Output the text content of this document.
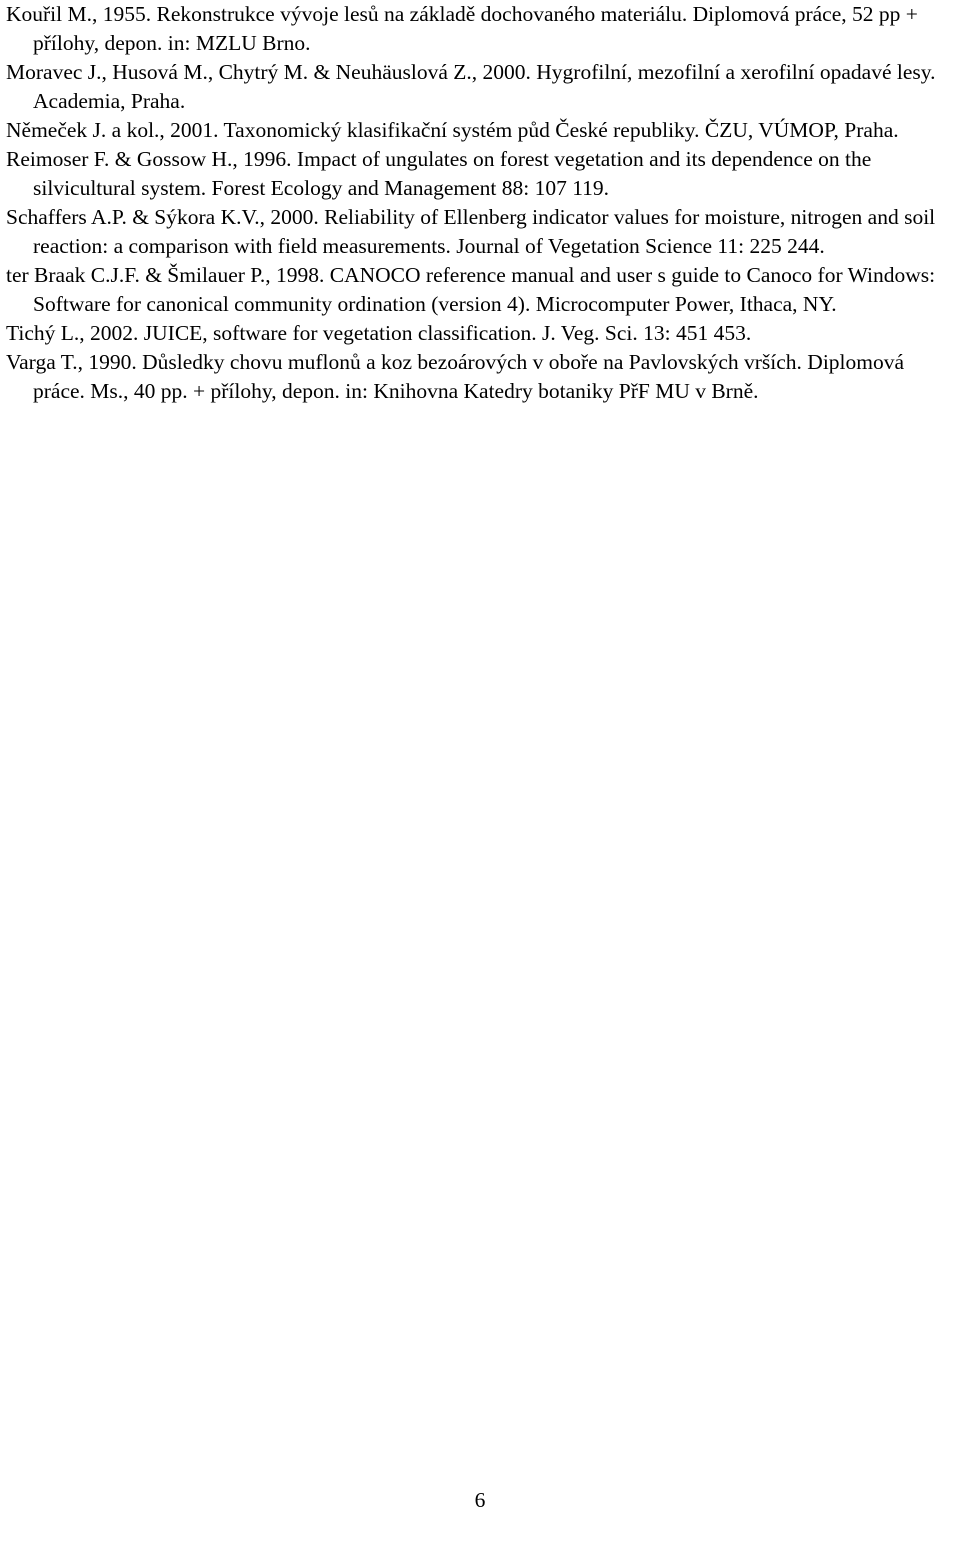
Kouřil M., 1955. Rekonstrukce vývoje lesů na základě dochovaného materiálu. Diplomová práce, 52 pp + přílohy, depon. in: MZLU Brno.

Moravec J., Husová M., Chytrý M. & Neuhäuslová Z., 2000. Hygrofilní, mezofilní a xerofilní opadavé lesy. Academia, Praha.

Němeček J. a kol., 2001. Taxonomický klasifikační systém půd České republiky. ČZU, VÚMOP, Praha.

Reimoser F. & Gossow H., 1996. Impact of ungulates on forest vegetation and its dependence on the silvicultural system. Forest Ecology and Management 88: 107 119.

Schaffers A.P. & Sýkora K.V., 2000. Reliability of Ellenberg indicator values for moisture, nitrogen and soil reaction: a comparison with field measurements. Journal of Vegetation Science 11: 225 244.

ter Braak C.J.F. & Šmilauer P., 1998. CANOCO reference manual and user s guide to Canoco for Windows: Software for canonical community ordination (version 4). Microcomputer Power, Ithaca, NY.

Tichý L., 2002. JUICE, software for vegetation classification. J. Veg. Sci. 13: 451 453.

Varga T., 1990. Důsledky chovu muflonů a koz bezoárových v oboře na Pavlovských vrších. Diplomová práce. Ms., 40 pp. + přílohy, depon. in: Knihovna Katedry botaniky PřF MU v Brně.

6
